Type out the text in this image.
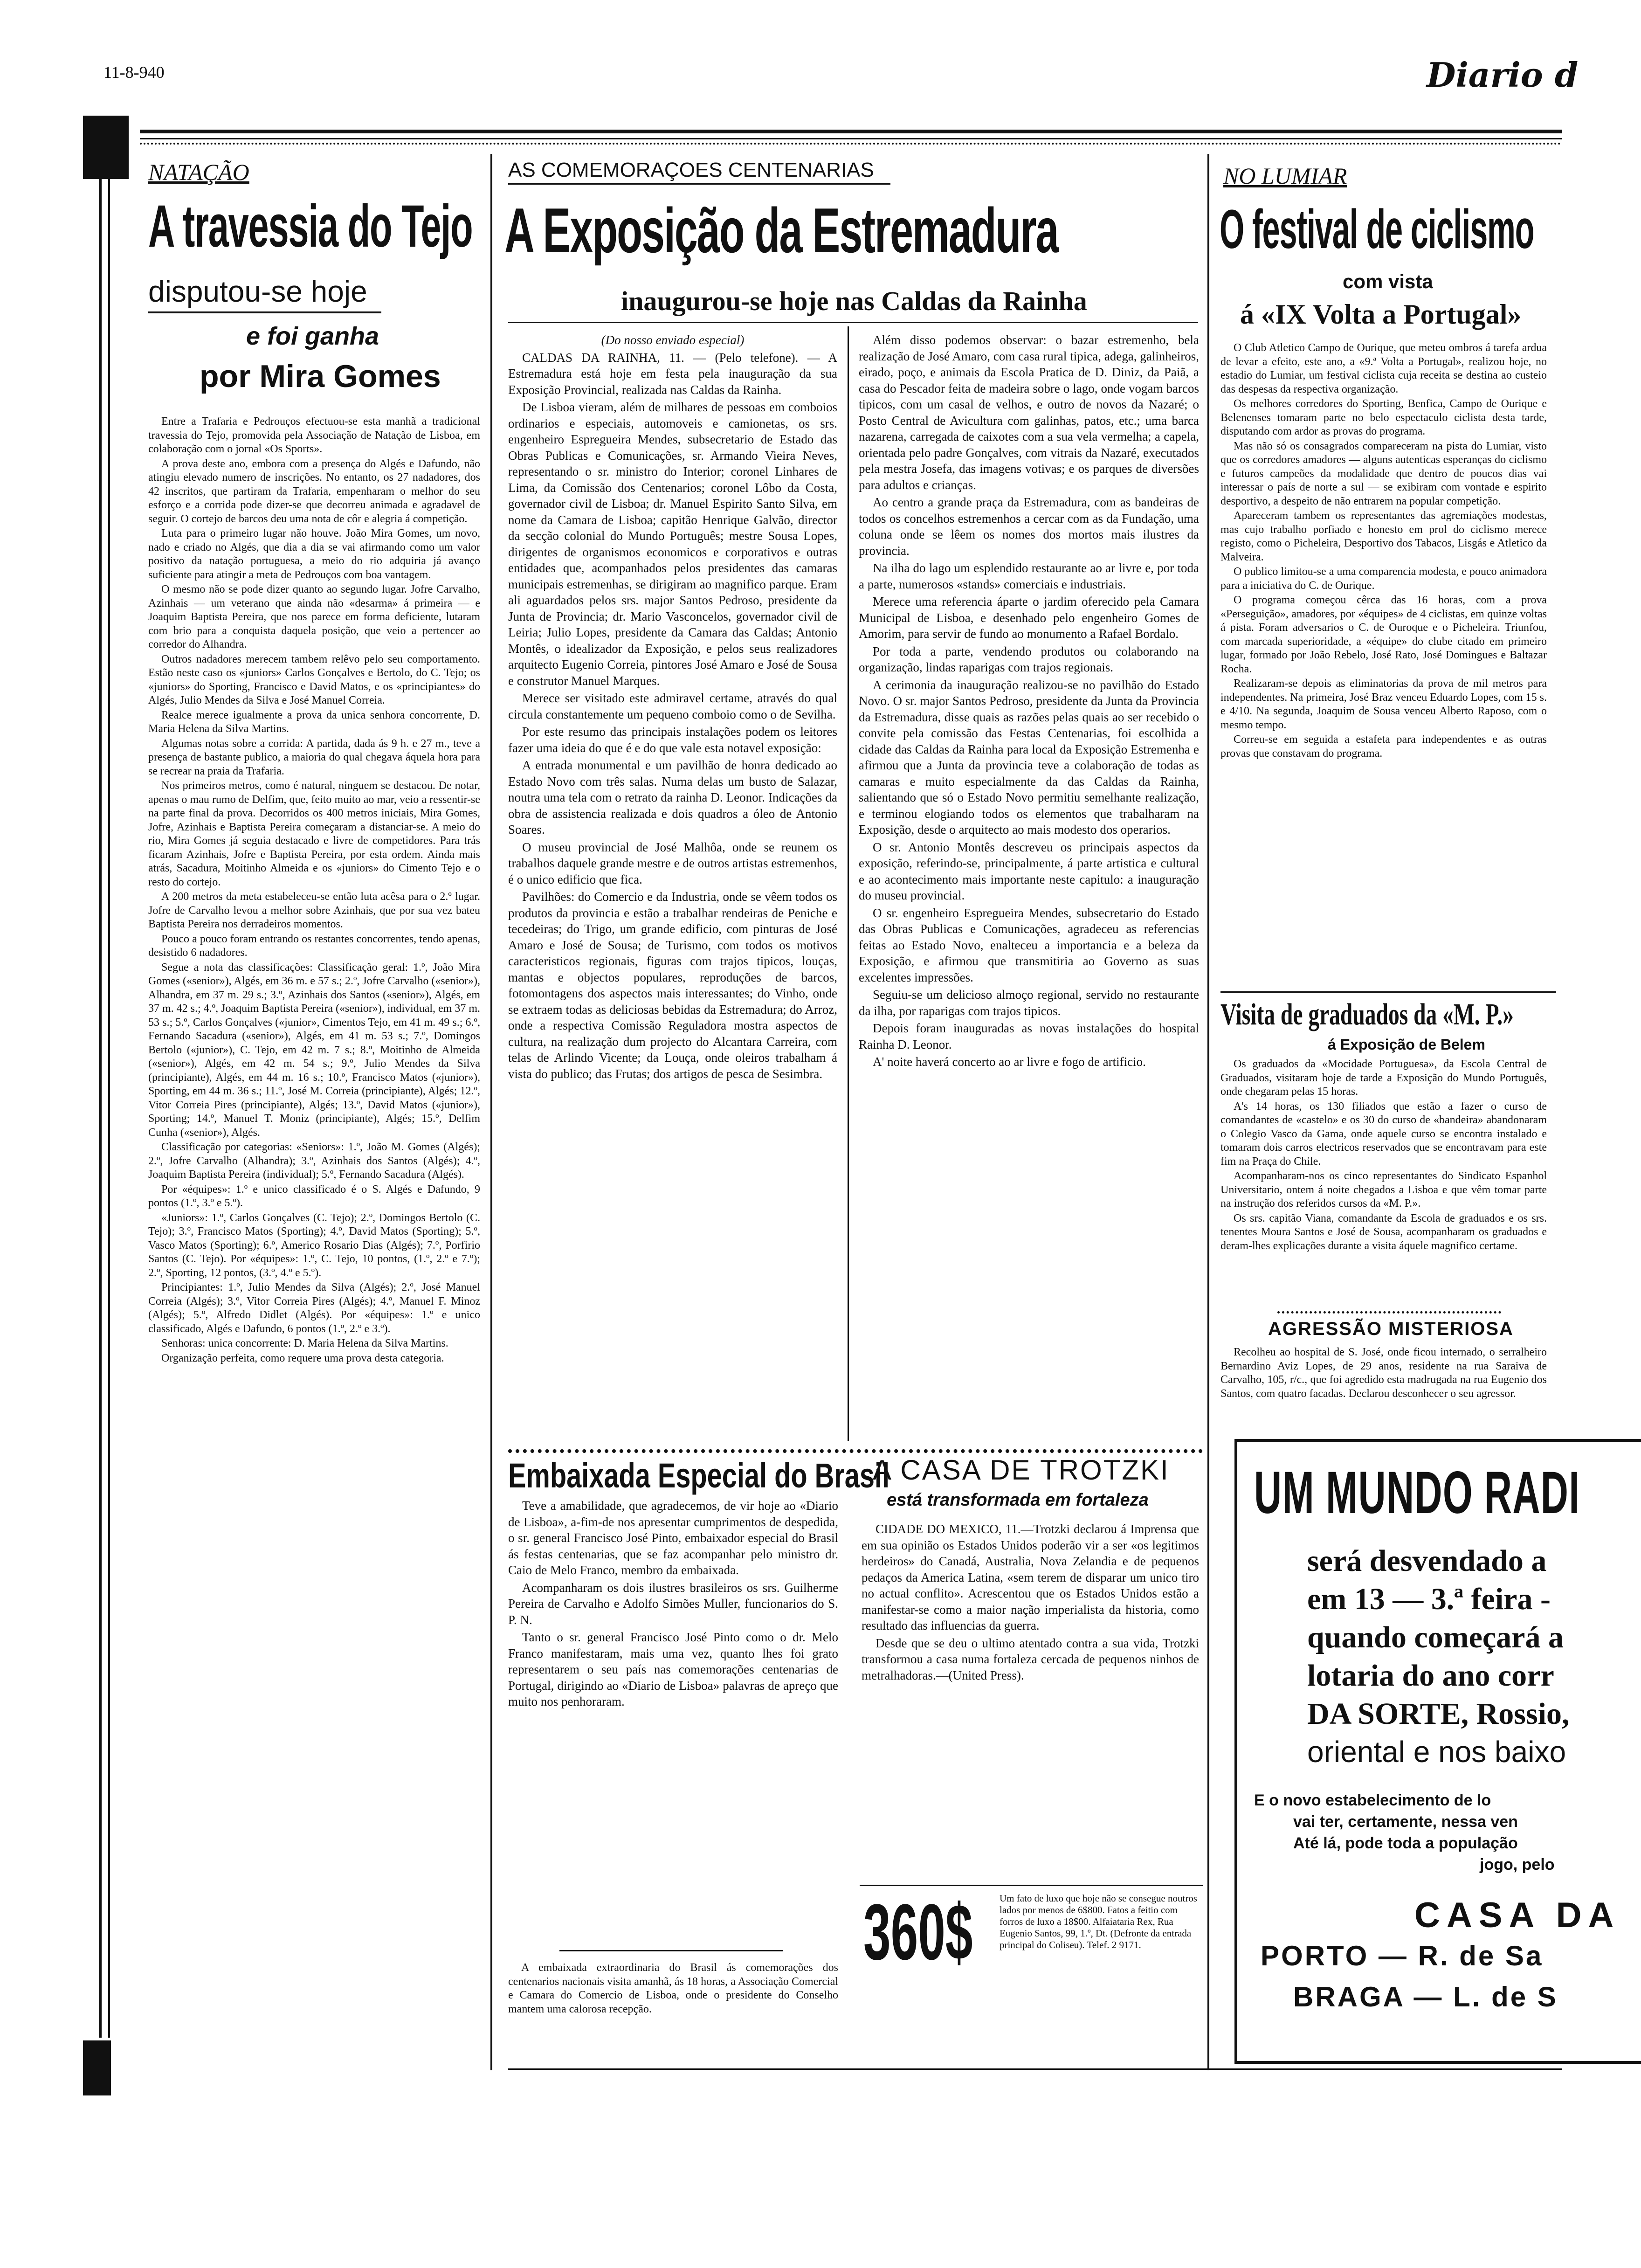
11-8-940	Diario d
NATAÇÃO
A travessia do Tejo
disputou-se hoje
e foi ganha
por Mira Gomes

Entre a Trafaria e Pedrouços efectuou-se esta manhã a tradicional travessia do Tejo, promovida pela Associação de Natação de Lisboa, em colaboração com o jornal «Os Sports».

A prova deste ano, embora com a presença do Algés e Dafundo, não atingiu elevado numero de inscrições. No entanto, os 27 nadadores, dos 42 inscritos, que partiram da Trafaria, empenharam o melhor do seu esforço e a corrida pode dizer-se que decorreu animada e agradavel de seguir. O cortejo de barcos deu uma nota de côr e alegria á competição.

Luta para o primeiro lugar não houve. João Mira Gomes, um novo, nado e criado no Algés, que dia a dia se vai afirmando como um valor positivo da natação portuguesa, a meio do rio adquiria já avanço suficiente para atingir a meta de Pedrouços com boa vantagem.

O mesmo não se pode dizer quanto ao segundo lugar. Jofre Carvalho, Azinhais — um veterano que ainda não «desarma» á primeira — e Joaquim Baptista Pereira, que nos parece em forma deficiente, lutaram com brio para a conquista daquela posição, que veio a pertencer ao corredor do Alhandra.

Outros nadadores merecem tambem relêvo pelo seu comportamento. Estão neste caso os «juniors» Carlos Gonçalves e Bertolo, do C. Tejo; os «juniors» do Sporting, Francisco e David Matos, e os «principiantes» do Algés, Julio Mendes da Silva e José Manuel Correia.

Realce merece igualmente a prova da unica senhora concorrente, D. Maria Helena da Silva Martins.

Algumas notas sobre a corrida: A partida, dada ás 9 h. e 27 m., teve a presença de bastante publico, a maioria do qual chegava áquela hora para se recrear na praia da Trafaria.

Nos primeiros metros, como é natural, ninguem se destacou. De notar, apenas o mau rumo de Delfim, que, feito muito ao mar, veio a ressentir-se na parte final da prova. Decorridos os 400 metros iniciais, Mira Gomes, Jofre, Azinhais e Baptista Pereira começaram a distanciar-se. A meio do rio, Mira Gomes já seguia destacado e livre de competidores. Para trás ficaram Azinhais, Jofre e Baptista Pereira, por esta ordem. Ainda mais atrás, Sacadura, Moitinho Almeida e os «juniors» do Cimento Tejo e o resto do cortejo.

A 200 metros da meta estabeleceu-se então luta acêsa para o 2.º lugar. Jofre de Carvalho levou a melhor sobre Azinhais, que por sua vez bateu Baptista Pereira nos derradeiros momentos.

Pouco a pouco foram entrando os restantes concorrentes, tendo apenas, desistido 6 nadadores.

Segue a nota das classificações: Classificação geral: 1.º, João Mira Gomes («senior»), Algés, em 36 m. e 57 s.; 2.º, Jofre Carvalho («senior»), Alhandra, em 37 m. 29 s.; 3.º, Azinhais dos Santos («senior»), Algés, em 37 m. 42 s.; 4.º, Joaquim Baptista Pereira («senior»), individual, em 37 m. 53 s.; 5.º, Carlos Gonçalves («junior», Cimentos Tejo, em 41 m. 49 s.; 6.º, Fernando Sacadura («senior»), Algés, em 41 m. 53 s.; 7.º, Domingos Bertolo («junior»), C. Tejo, em 42 m. 7 s.; 8.º, Moitinho de Almeida («senior»), Algés, em 42 m. 54 s.; 9.º, Julio Mendes da Silva (principiante), Algés, em 44 m. 16 s.; 10.º, Francisco Matos («junior»), Sporting, em 44 m. 36 s.; 11.º, José M. Correia (principiante), Algés; 12.º, Vitor Correia Pires (principiante), Algés; 13.º, David Matos («junior»), Sporting; 14.º, Manuel T. Moniz (principiante), Algés; 15.º, Delfim Cunha («senior»), Algés.

Classificação por categorias: «Seniors»: 1.º, João M. Gomes (Algés); 2.º, Jofre Carvalho (Alhandra); 3.º, Azinhais dos Santos (Algés); 4.º, Joaquim Baptista Pereira (individual); 5.º, Fernando Sacadura (Algés).

Por «équipes»: 1.º e unico classificado é o S. Algés e Dafundo, 9 pontos (1.º, 3.º e 5.º).

«Juniors»: 1.º, Carlos Gonçalves (C. Tejo); 2.º, Domingos Bertolo (C. Tejo); 3.º, Francisco Matos (Sporting); 4.º, David Matos (Sporting); 5.º, Vasco Matos (Sporting); 6.º, Americo Rosario Dias (Algés); 7.º, Porfirio Santos (C. Tejo). Por «équipes»: 1.º, C. Tejo, 10 pontos, (1.º, 2.º e 7.º); 2.º, Sporting, 12 pontos, (3.º, 4.º e 5.º).

Principiantes: 1.º, Julio Mendes da Silva (Algés); 2.º, José Manuel Correia (Algés); 3.º, Vitor Correia Pires (Algés); 4.º, Manuel F. Minoz (Algés); 5.º, Alfredo Didlet (Algés). Por «équipes»: 1.º e unico classificado, Algés e Dafundo, 6 pontos (1.º, 2.º e 3.º).

Senhoras: unica concorrente: D. Maria Helena da Silva Martins.

Organização perfeita, como requere uma prova desta categoria.

AS COMEMORAÇOES CENTENARIAS
A Exposição da Estremadura
inaugurou-se hoje nas Caldas da Rainha

(Do nosso enviado especial)

CALDAS DA RAINHA, 11. — (Pelo telefone). — A Estremadura está hoje em festa pela inauguração da sua Exposição Provincial, realizada nas Caldas da Rainha.

De Lisboa vieram, além de milhares de pessoas em comboios ordinarios e especiais, automoveis e camionetas, os srs. engenheiro Espregueira Mendes, subsecretario de Estado das Obras Publicas e Comunicações, sr. Armando Vieira Neves, representando o sr. ministro do Interior; coronel Linhares de Lima, da Comissão dos Centenarios; coronel Lôbo da Costa, governador civil de Lisboa; dr. Manuel Espirito Santo Silva, em nome da Camara de Lisboa; capitão Henrique Galvão, director da secção colonial do Mundo Português; mestre Sousa Lopes, dirigentes de organismos economicos e corporativos e outras entidades que, acompanhados pelos presidentes das camaras municipais estremenhas, se dirigiram ao magnifico parque. Eram ali aguardados pelos srs. major Santos Pedroso, presidente da Junta de Provincia; dr. Mario Vasconcelos, governador civil de Leiria; Julio Lopes, presidente da Camara das Caldas; Antonio Montês, o idealizador da Exposição, e pelos seus realizadores arquitecto Eugenio Correia, pintores José Amaro e José de Sousa e construtor Manuel Marques.

Merece ser visitado este admiravel certame, através do qual circula constantemente um pequeno comboio como o de Sevilha.

Por este resumo das principais instalações podem os leitores fazer uma ideia do que é e do que vale esta notavel exposição:

A entrada monumental e um pavilhão de honra dedicado ao Estado Novo com três salas. Numa delas um busto de Salazar, noutra uma tela com o retrato da rainha D. Leonor. Indicações da obra de assistencia realizada e dois quadros a óleo de Antonio Soares.

O museu provincial de José Malhôa, onde se reunem os trabalhos daquele grande mestre e de outros artistas estremenhos, é o unico edificio que fica.

Pavilhões: do Comercio e da Industria, onde se vêem todos os produtos da provincia e estão a trabalhar rendeiras de Peniche e tecedeiras; do Trigo, um grande edificio, com pinturas de José Amaro e José de Sousa; de Turismo, com todos os motivos caracteristicos regionais, figuras com trajos tipicos, louças, mantas e objectos populares, reproduções de barcos, fotomontagens dos aspectos mais interessantes; do Vinho, onde se extraem todas as deliciosas bebidas da Estremadura; do Arroz, onde a respectiva Comissão Reguladora mostra aspectos de cultura, na realização dum projecto do Alcantara Carreira, com telas de Arlindo Vicente; da Louça, onde oleiros trabalham á vista do publico; das Frutas; dos artigos de pesca de Sesimbra.

Além disso podemos observar: o bazar estremenho, bela realização de José Amaro, com casa rural tipica, adega, galinheiros, eirado, poço, e animais da Escola Pratica de D. Diniz, da Paiã, a casa do Pescador feita de madeira sobre o lago, onde vogam barcos tipicos, com um casal de velhos, e outro de novos da Nazaré; o Posto Central de Avicultura com galinhas, patos, etc.; uma barca nazarena, carregada de caixotes com a sua vela vermelha; a capela, orientada pelo padre Gonçalves, com vitrais da Nazaré, executados pela mestra Josefa, das imagens votivas; e os parques de diversões para adultos e crianças.

Ao centro a grande praça da Estremadura, com as bandeiras de todos os concelhos estremenhos a cercar com as da Fundação, uma coluna onde se lêem os nomes dos mortos mais ilustres da provincia.

Na ilha do lago um esplendido restaurante ao ar livre e, por toda a parte, numerosos «stands» comerciais e industriais.

Merece uma referencia áparte o jardim oferecido pela Camara Municipal de Lisboa, e desenhado pelo engenheiro Gomes de Amorim, para servir de fundo ao monumento a Rafael Bordalo.

Por toda a parte, vendendo produtos ou colaborando na organização, lindas raparigas com trajos regionais.

A cerimonia da inauguração realizou-se no pavilhão do Estado Novo. O sr. major Santos Pedroso, presidente da Junta da Provincia da Estremadura, disse quais as razões pelas quais ao ser recebido o convite pela comissão das Festas Centenarias, foi escolhida a cidade das Caldas da Rainha para local da Exposição Estremenha e afirmou que a Junta da provincia teve a colaboração de todas as camaras e muito especialmente da das Caldas da Rainha, salientando que só o Estado Novo permitiu semelhante realização, e terminou elogiando todos os elementos que trabalharam na Exposição, desde o arquitecto ao mais modesto dos operarios.

O sr. Antonio Montês descreveu os principais aspectos da exposição, referindo-se, principalmente, á parte artistica e cultural e ao acontecimento mais importante neste capitulo: a inauguração do museu provincial.

O sr. engenheiro Espregueira Mendes, subsecretario do Estado das Obras Publicas e Comunicações, agradeceu as referencias feitas ao Estado Novo, enalteceu a importancia e a beleza da Exposição, e afirmou que transmitiria ao Governo as suas excelentes impressões.

Seguiu-se um delicioso almoço regional, servido no restaurante da ilha, por raparigas com trajos tipicos.

Depois foram inauguradas as novas instalações do hospital Rainha D. Leonor.

A' noite haverá concerto ao ar livre e fogo de artificio.

Embaixada Especial do Brasil

Teve a amabilidade, que agradecemos, de vir hoje ao «Diario de Lisboa», a-fim-de nos apresentar cumprimentos de despedida, o sr. general Francisco José Pinto, embaixador especial do Brasil ás festas centenarias, que se faz acompanhar pelo ministro dr. Caio de Melo Franco, membro da embaixada.

Acompanharam os dois ilustres brasileiros os srs. Guilherme Pereira de Carvalho e Adolfo Simões Muller, funcionarios do S. P. N.

Tanto o sr. general Francisco José Pinto como o dr. Melo Franco manifestaram, mais uma vez, quanto lhes foi grato representarem o seu país nas comemorações centenarias de Portugal, dirigindo ao «Diario de Lisboa» palavras de apreço que muito nos penhoraram.

A embaixada extraordinaria do Brasil ás comemorações dos centenarios nacionais visita amanhã, ás 18 horas, a Associação Comercial e Camara do Comercio de Lisboa, onde o presidente do Conselho mantem uma calorosa recepção.
A CASA DE TROTZKI
está transformada em fortaleza

CIDADE DO MEXICO, 11.—Trotzki declarou á Imprensa que em sua opinião os Estados Unidos poderão vir a ser «os legitimos herdeiros» do Canadá, Australia, Nova Zelandia e de pequenos pedaços da America Latina, «sem terem de disparar um unico tiro no actual conflito». Acrescentou que os Estados Unidos estão a manifestar-se como a maior nação imperialista da historia, como resultado das influencias da guerra.

Desde que se deu o ultimo atentado contra a sua vida, Trotzki transformou a casa numa fortaleza cercada de pequenos ninhos de metralhadoras.—(United Press).

360$	Um fato de luxo que hoje não se consegue noutros lados por menos de 6$800. Fatos a feitio com forros de luxo a 18$00. Alfaiataria Rex, Rua Eugenio Santos, 99, 1.º, Dt. (Defronte da entrada principal do Coliseu). Telef. 2 9171.
NO LUMIAR
O festival de ciclismo
com vista
á «IX Volta a Portugal»

O Club Atletico Campo de Ourique, que meteu ombros á tarefa ardua de levar a efeito, este ano, a «9.ª Volta a Portugal», realizou hoje, no estadio do Lumiar, um festival ciclista cuja receita se destina ao custeio das despesas da respectiva organização.

Os melhores corredores do Sporting, Benfica, Campo de Ourique e Belenenses tomaram parte no belo espectaculo ciclista desta tarde, disputando com ardor as provas do programa.

Mas não só os consagrados compareceram na pista do Lumiar, visto que os corredores amadores — alguns autenticas esperanças do ciclismo e futuros campeões da modalidade que dentro de poucos dias vai interessar o país de norte a sul — se exibiram com vontade e espirito desportivo, a despeito de não entrarem na popular competição.

Apareceram tambem os representantes das agremiações modestas, mas cujo trabalho porfiado e honesto em prol do ciclismo merece registo, como o Picheleira, Desportivo dos Tabacos, Lisgás e Atletico da Malveira.

O publico limitou-se a uma comparencia modesta, e pouco animadora para a iniciativa do C. de Ourique.

O programa começou cêrca das 16 horas, com a prova «Perseguição», amadores, por «équipes» de 4 ciclistas, em quinze voltas á pista. Foram adversarios o C. de Ouroque e o Picheleira. Triunfou, com marcada superioridade, a «équipe» do clube citado em primeiro lugar, formado por João Rebelo, José Rato, José Domingues e Baltazar Rocha.

Realizaram-se depois as eliminatorias da prova de mil metros para independentes. Na primeira, José Braz venceu Eduardo Lopes, com 15 s. e 4/10. Na segunda, Joaquim de Sousa venceu Alberto Raposo, com o mesmo tempo.

Correu-se em seguida a estafeta para independentes e as outras provas que constavam do programa.

Visita de graduados da «M. P.»
á Exposição de Belem

Os graduados da «Mocidade Portuguesa», da Escola Central de Graduados, visitaram hoje de tarde a Exposição do Mundo Português, onde chegaram pelas 15 horas.

A's 14 horas, os 130 filiados que estão a fazer o curso de comandantes de «castelo» e os 30 do curso de «bandeira» abandonaram o Colegio Vasco da Gama, onde aquele curso se encontra instalado e tomaram dois carros electricos reservados que se encontravam para este fim na Praça do Chile.

Acompanharam-nos os cinco representantes do Sindicato Espanhol Universitario, ontem á noite chegados a Lisboa e que vêm tomar parte na instrução dos referidos cursos da «M. P.».

Os srs. capitão Viana, comandante da Escola de graduados e os srs. tenentes Moura Santos e José de Sousa, acompanharam os graduados e deram-lhes explicações durante a visita áquele magnifico certame.

AGRESSÃO MISTERIOSA

Recolheu ao hospital de S. José, onde ficou internado, o serralheiro Bernardino Aviz Lopes, de 29 anos, residente na rua Saraiva de Carvalho, 105, r/c., que foi agredido esta madrugada na rua Eugenio dos Santos, com quatro facadas. Declarou desconhecer o seu agressor.

UM MUNDO RADI
será desvendado a
em 13 — 3.ª feira -
quando começará a
lotaria do ano corr
DA SORTE, Rossio,
oriental e nos baixo
E o novo estabelecimento de lo
vai ter, certamente, nessa ven
Até lá, pode toda a população
jogo, pelo
CASA DA
PORTO — R. de Sa
BRAGA — L. de S
